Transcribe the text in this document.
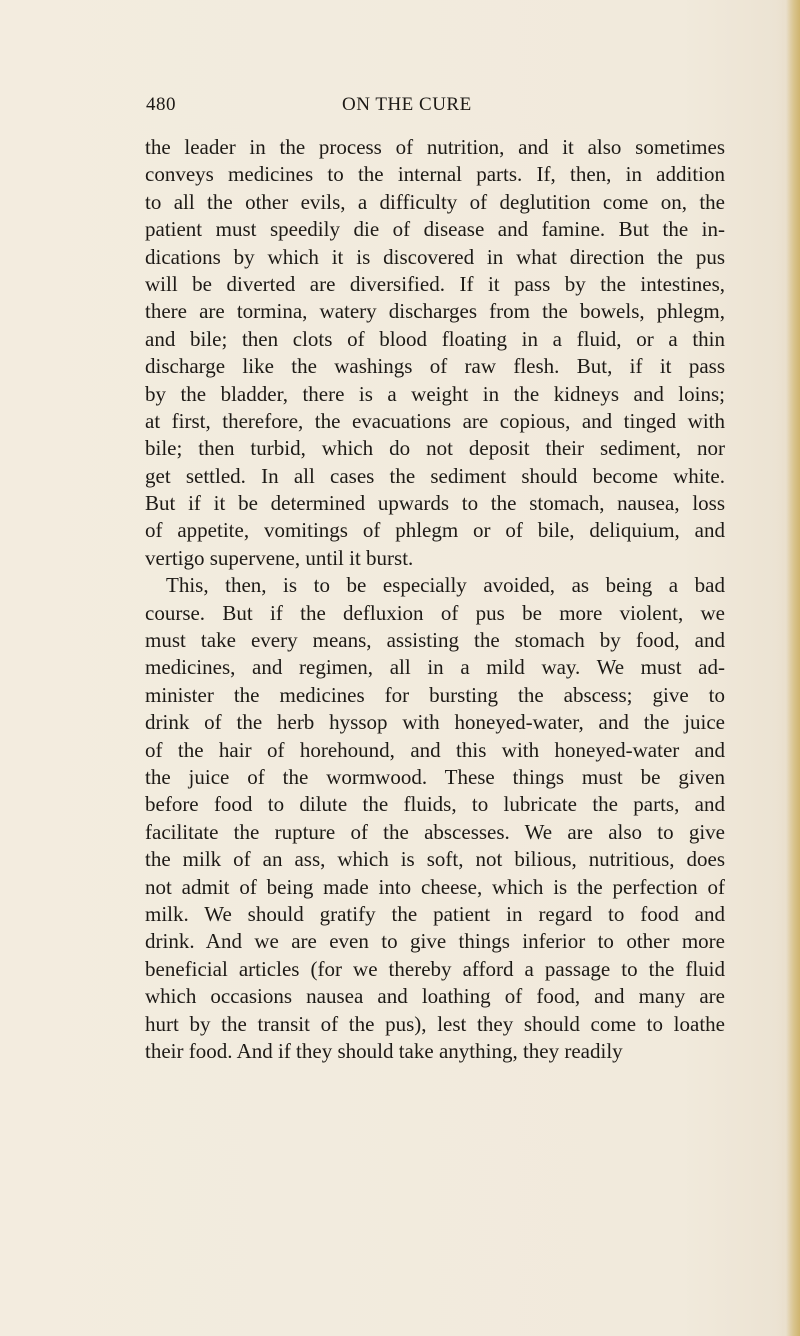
480	ON THE CURE
the leader in the process of nutrition, and it also sometimes
conveys medicines to the internal parts. If, then, in addition
to all the other evils, a difficulty of deglutition come on, the
patient must speedily die of disease and famine. But the in-
dications by which it is discovered in what direction the pus
will be diverted are diversified. If it pass by the intestines,
there are tormina, watery discharges from the bowels, phlegm,
and bile; then clots of blood floating in a fluid, or a thin
discharge like the washings of raw flesh. But, if it pass
by the bladder, there is a weight in the kidneys and loins;
at first, therefore, the evacuations are copious, and tinged with
bile; then turbid, which do not deposit their sediment, nor
get settled. In all cases the sediment should become white.
But if it be determined upwards to the stomach, nausea, loss
of appetite, vomitings of phlegm or of bile, deliquium, and
vertigo supervene, until it burst.
This, then, is to be especially avoided, as being a bad
course. But if the defluxion of pus be more violent, we
must take every means, assisting the stomach by food, and
medicines, and regimen, all in a mild way. We must ad-
minister the medicines for bursting the abscess; give to
drink of the herb hyssop with honeyed-water, and the juice
of the hair of horehound, and this with honeyed-water and
the juice of the wormwood. These things must be given
before food to dilute the fluids, to lubricate the parts, and
facilitate the rupture of the abscesses. We are also to give
the milk of an ass, which is soft, not bilious, nutritious, does
not admit of being made into cheese, which is the perfection of
milk. We should gratify the patient in regard to food and
drink. And we are even to give things inferior to other more
beneficial articles (for we thereby afford a passage to the fluid
which occasions nausea and loathing of food, and many are
hurt by the transit of the pus), lest they should come to loathe
their food. And if they should take anything, they readily
